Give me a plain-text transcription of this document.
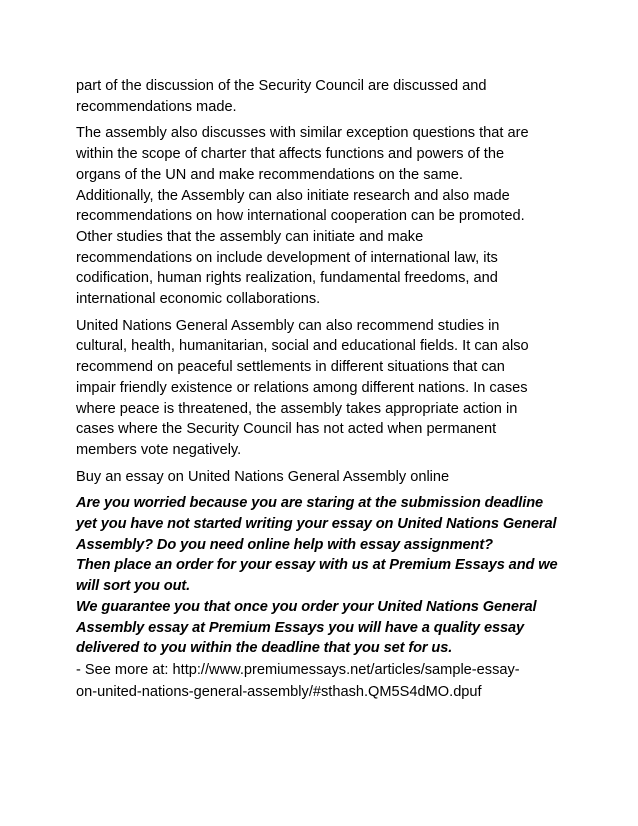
part of the discussion of the Security Council are discussed and
recommendations made.
The assembly also discusses with similar exception questions that are
within the scope of charter that affects functions and powers of the
organs of the UN and make recommendations on the same.
Additionally, the Assembly can also initiate research and also made
recommendations on how international cooperation can be promoted.
Other studies that the assembly can initiate and make
recommendations on include development of international law, its
codification, human rights realization, fundamental freedoms, and
international economic collaborations.
United Nations General Assembly can also recommend studies in
cultural, health, humanitarian, social and educational fields. It can also
recommend on peaceful settlements in different situations that can
impair friendly existence or relations among different nations. In cases
where peace is threatened, the assembly takes appropriate action in
cases where the Security Council has not acted when permanent
members vote negatively.
Buy an essay on United Nations General Assembly online
Are you worried because you are staring at the submission deadline
yet you have not started writing your essay on United Nations General
Assembly? Do you need online help with essay assignment?
Then place an order for your essay with us at Premium Essays and we
will sort you out.
We guarantee you that once you order your United Nations General
Assembly essay at Premium Essays you will have a quality essay
delivered to you within the deadline that you set for us.
- See more at: http://www.premiumessays.net/articles/sample-essay-
on-united-nations-general-assembly/#sthash.QM5S4dMO.dpuf
